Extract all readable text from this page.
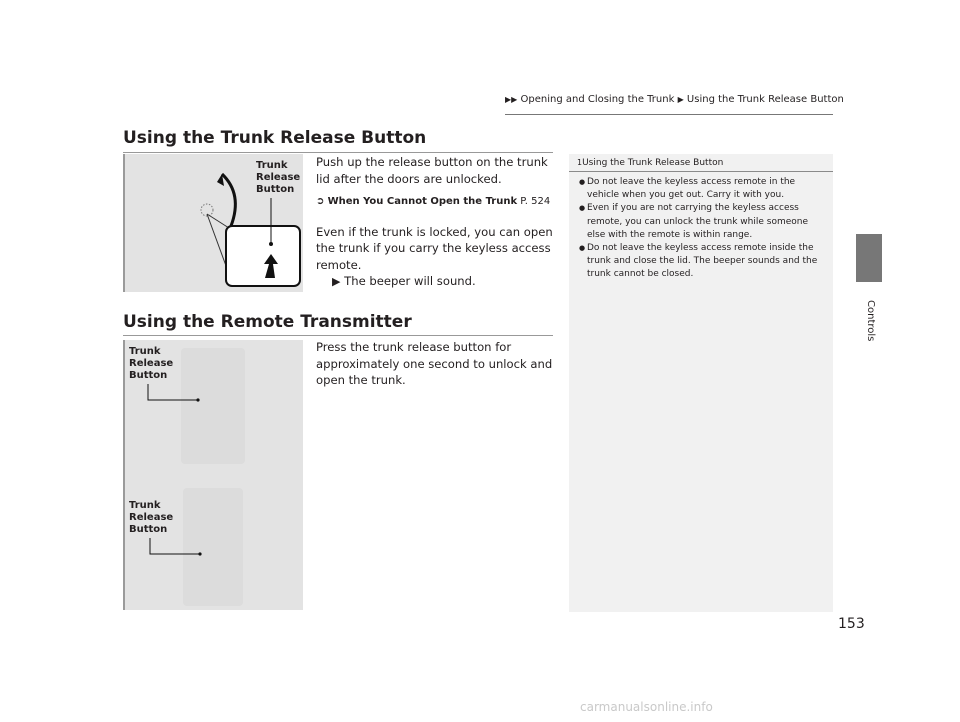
▶▶ Opening and Closing the Trunk ▶ Using the Trunk Release Button
Using the Trunk Release Button
Trunk
Release
Button
Push up the release button on the trunk lid after the doors are unlocked.
➲ When You Cannot Open the Trunk P. 524
Even if the trunk is locked, you can open the trunk if you carry the keyless access remote.
▶ The beeper will sound.
Using the Remote Transmitter
Trunk
Release
Button
Trunk
Release
Button
Press the trunk release button for approximately one second to unlock and open the trunk.
1Using the Trunk Release Button
● Do not leave the keyless access remote in the vehicle when you get out. Carry it with you.
● Even if you are not carrying the keyless access remote, you can unlock the trunk while someone else with the remote is within range.
● Do not leave the keyless access remote inside the trunk and close the lid. The beeper sounds and the trunk cannot be closed.
Controls
153
carmanualsonline.info
